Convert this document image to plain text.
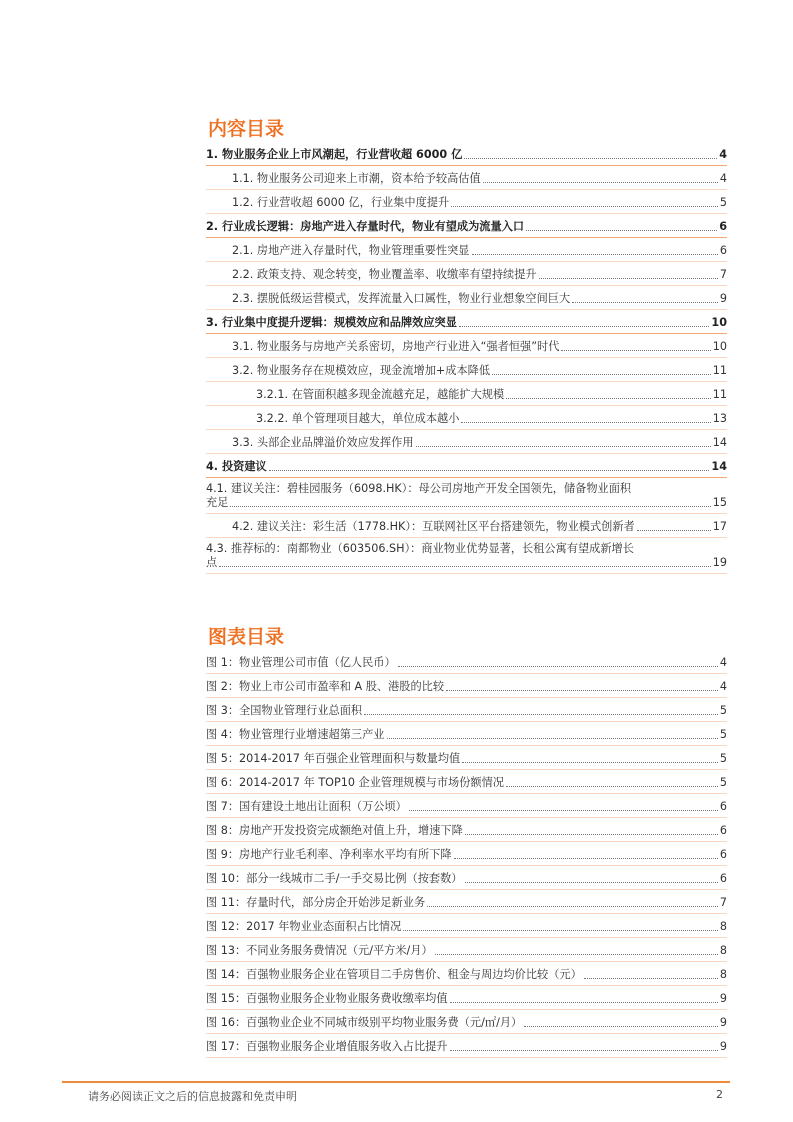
内容目录
1. 物业服务企业上市风潮起，行业营收超 6000 亿	4
1.1. 物业服务公司迎来上市潮，资本给予较高估值	4
1.2. 行业营收超 6000 亿，行业集中度提升	5
2. 行业成长逻辑：房地产进入存量时代，物业有望成为流量入口	6
2.1. 房地产进入存量时代，物业管理重要性突显	6
2.2. 政策支持、观念转变，物业覆盖率、收缴率有望持续提升	7
2.3. 摆脱低级运营模式，发挥流量入口属性，物业行业想象空间巨大	9
3. 行业集中度提升逻辑：规模效应和品牌效应突显	10
3.1. 物业服务与房地产关系密切，房地产行业进入“强者恒强”时代	10
3.2. 物业服务存在规模效应，现金流增加+成本降低	11
3.2.1. 在管面积越多现金流越充足，越能扩大规模	11
3.2.2. 单个管理项目越大，单位成本越小	13
3.3. 头部企业品牌溢价效应发挥作用	14
4. 投资建议	14
4.1. 建议关注：碧桂园服务（6098.HK）：母公司房地产开发全国领先，储备物业面积
充足	15
4.2. 建议关注：彩生活（1778.HK）：互联网社区平台搭建领先，物业模式创新者	17
4.3. 推荐标的：南都物业（603506.SH）：商业物业优势显著，长租公寓有望成新增长
点	19
图表目录
图 1：物业管理公司市值（亿人民币）	4
图 2：物业上市公司市盈率和 A 股、港股的比较	4
图 3：全国物业管理行业总面积	5
图 4：物业管理行业增速超第三产业	5
图 5：2014-2017 年百强企业管理面积与数量均值	5
图 6：2014-2017 年 TOP10 企业管理规模与市场份额情况	5
图 7：国有建设土地出让面积（万公顷）	6
图 8：房地产开发投资完成额绝对值上升，增速下降	6
图 9：房地产行业毛利率、净利率水平均有所下降	6
图 10：部分一线城市二手/一手交易比例（按套数）	6
图 11：存量时代，部分房企开始涉足新业务	7
图 12：2017 年物业业态面积占比情况	8
图 13：不同业务服务费情况（元/平方米/月）	8
图 14：百强物业服务企业在管项目二手房售价、租金与周边均价比较（元）	8
图 15：百强物业服务企业物业服务费收缴率均值	9
图 16：百强物业企业不同城市级别平均物业服务费（元/㎡/月）	9
图 17：百强物业服务企业增值服务收入占比提升	9
请务必阅读正文之后的信息披露和免责申明	2
